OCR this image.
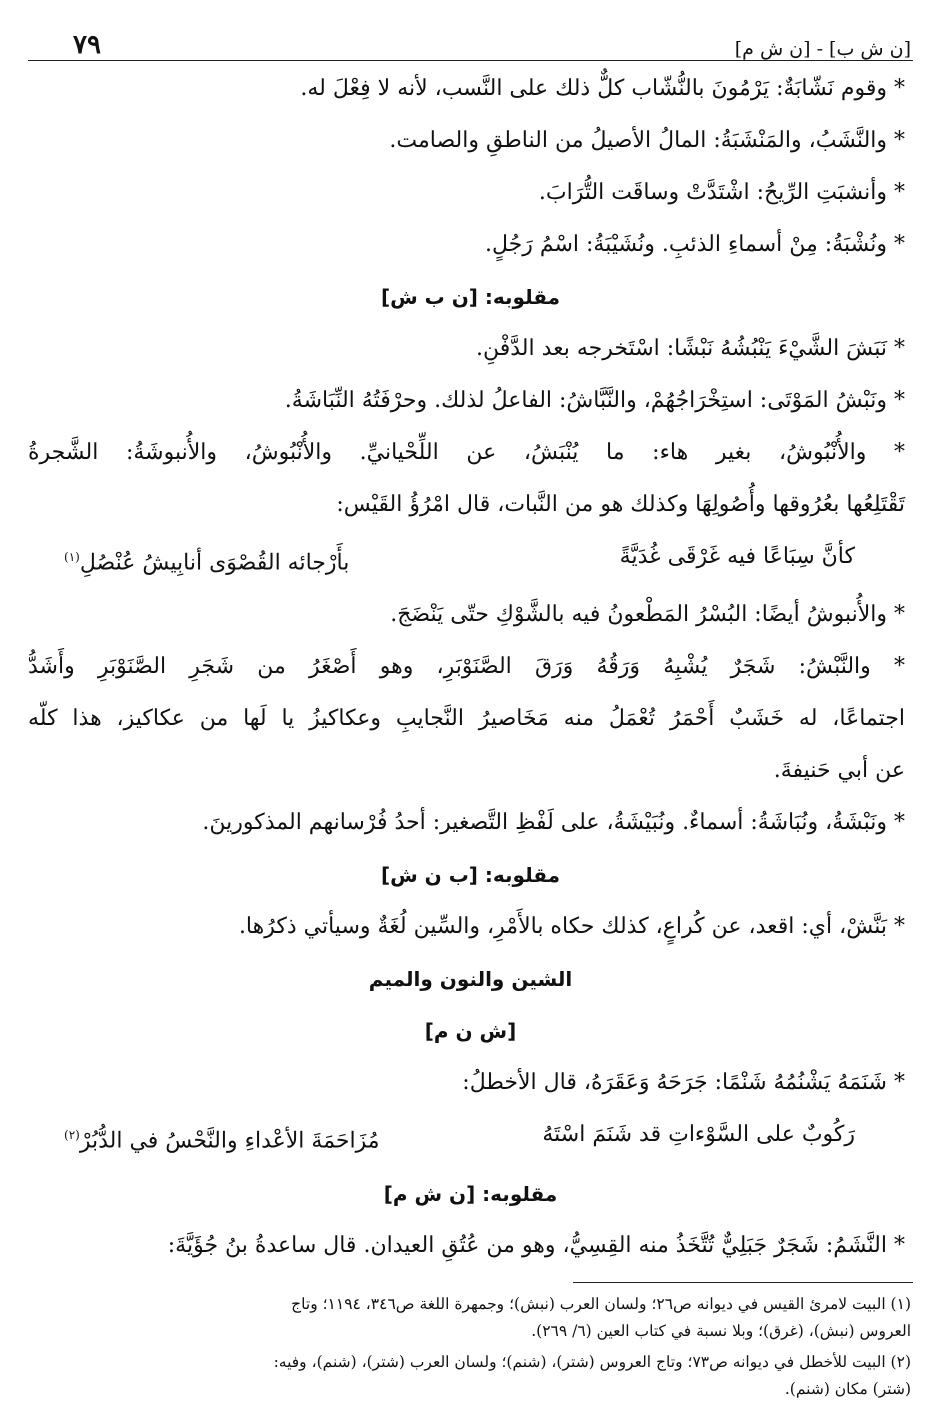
[ن ش ب] - [ن ش م]
٧٩

* وقوم نَشّابَةٌ: يَرْمُونَ بالنُّشّاب كلٌّ ذلك على النَّسب، لأنه لا فِعْلَ له.

* والنَّشَبُ، والمَنْشَبَةُ: المالُ الأصيلُ من الناطقِ والصامت.

* وأنشبَتِ الرِّيحُ: اشْتَدَّتْ وساقَت التُّرَابَ.

* ونُشْبَةُ: مِنْ أسماءِ الذئبِ. ونُشَيْبَةُ: اسْمُ رَجُلٍ.

مقلوبه: [ن ب ش]

* نَبَشَ الشَّيْءَ يَنْبُشُهُ نَبْشًا: اسْتَخرجه بعد الدَّفْنِ.

* ونَبْشُ المَوْتَى: استِخْرَاجُهُمْ، والنَّبَّاشُ: الفاعلُ لذلك. وحرْفَتُهُ النِّبَاشَةُ.

* والأُنْبُوشُ، بغير هاء: ما يُنْبَشُ، عن اللِّحْيانيِّ. والأُنْبُوشُ، والأُنبوشَةُ: الشَّجرةُ

تَقْتَلِعُها بعُرُوقها وأُصُولِهَا وكذلك هو من النَّبات، قال امْرُؤُ القَيْس:

كأنَّ سِبَاعًا فيه غَرْقَى غُدَيَّةً
بأَرْجائه القُصْوَى أنابِيشُ عُنْصُلِ$^{(١)}$

* والأُنبوشُ أيضًا: البُسْرُ المَطْعونُ فيه بالشَّوْكِ حتّى يَنْضَجَ.

* والنَّبْشُ: شَجَرٌ يُشْبِهُ وَرَقُهُ وَرَقَ الصَّنَوْبَرِ، وهو أَصْغَرُ من شَجَرِ الصَّنَوْبَرِ وأَشَدُّ

اجتماعًا، له خَشَبٌ أَحْمَرُ تُعْمَلُ منه مَخَاصيرُ النَّجايبِ وعكاكيزُ يا لَها من عكاكيز، هذا كلّه

عن أبي حَنيفةَ.

* ونَبْشَةُ، ونُبَاشَةُ: أسماءٌ. ونُبَيْشَةُ، على لَفْظِ التَّصغير: أحدُ فُرْسانهم المذكورينَ.

مقلوبه: [ب ن ش]

* بَنَّشْ، أي: اقعد، عن كُراعٍ، كذلك حكاه بالأَمْرِ، والسِّين لُغَةٌ وسيأتي ذكرُها.

الشين والنون والميم

[ش ن م]

* شَنَمَهُ يَشْنُمُهُ شَنْمًا: جَرَحَهُ وَعَقَرَهُ، قال الأخطلُ:

رَكُوبٌ على السَّوْءاتِ قد شَنَمَ اسْتَهُ
مُزَاحَمَةَ الأعْداءِ والنَّحْسُ في الدُّبُرْ$^{(٢)}$

مقلوبه: [ن ش م]

* النَّشَمُ: شَجَرٌ جَبَلِيٌّ تُتَّخَذُ منه القِسِيُّ، وهو من عُتُقِ العيدان. قال ساعدةُ بنُ جُؤَيَّةَ:

(١) البيت لامرئ القيس في ديوانه ص٢٦؛ ولسان العرب (نبش)؛ وجمهرة اللغة ص٣٤٦، ١١٩٤؛ وتاج
العروس (نبش)، (غرق)؛ وبلا نسبة في كتاب العين (٦/ ٢٦٩).

(٢) البيت للأخطل في ديوانه ص٧٣؛ وتاج العروس (شتر)، (شنم)؛ ولسان العرب (شتر)، (شنم)، وفيه:
(شتر) مكان (شنم).
